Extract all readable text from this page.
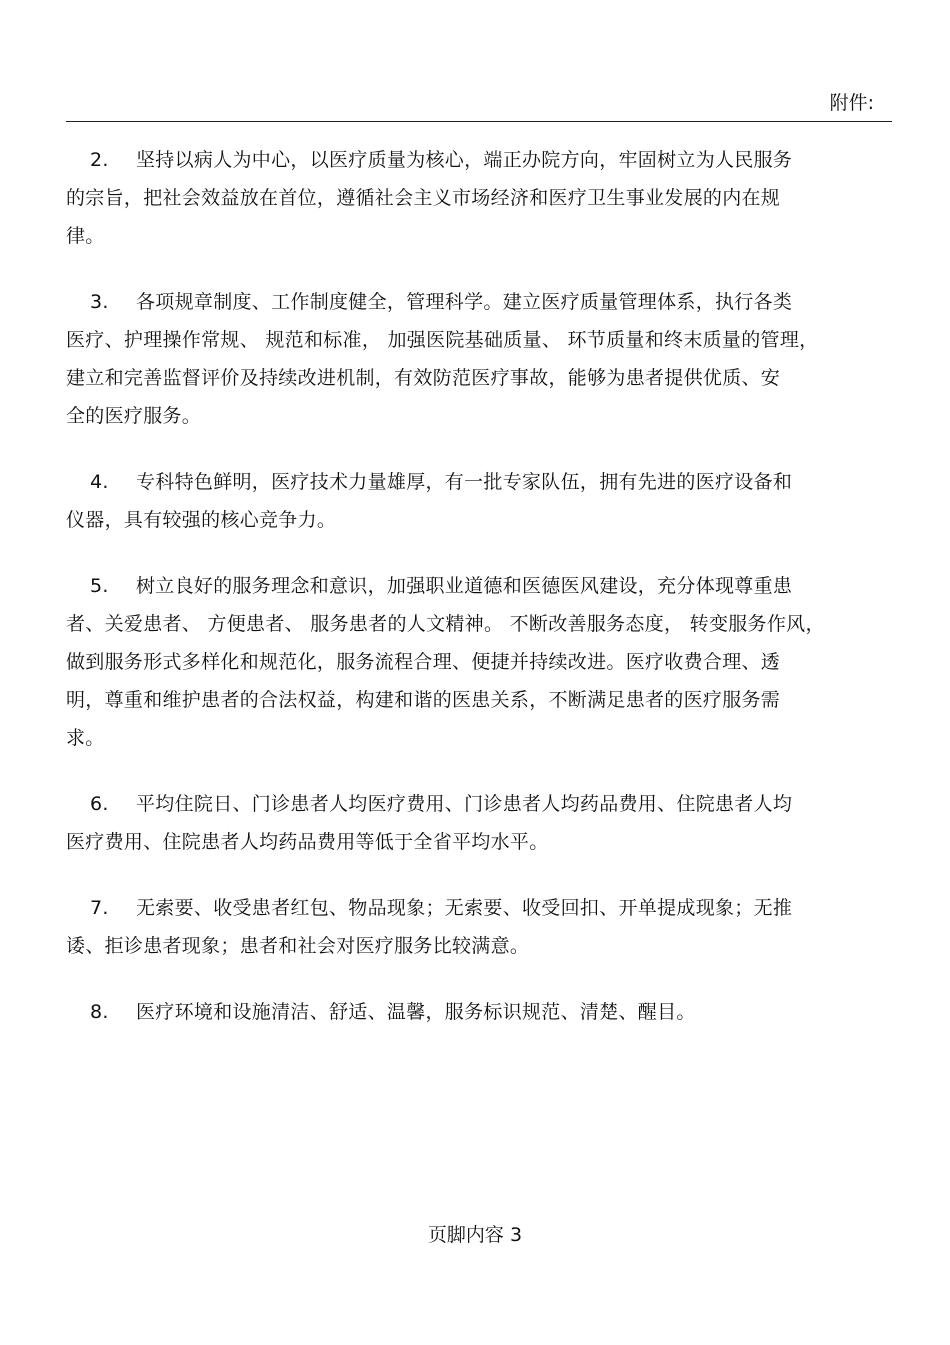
附件:
2. 坚持以病人为中心，以医疗质量为核心，端正办院方向，牢固树立为人民服务
的宗旨，把社会效益放在首位，遵循社会主义市场经济和医疗卫生事业发展的内在规
律。
3. 各项规章制度、工作制度健全，管理科学。建立医疗质量管理体系，执行各类
医疗、护理操作常规、 规范和标准， 加强医院基础质量、 环节质量和终末质量的管理，
建立和完善监督评价及持续改进机制，有效防范医疗事故，能够为患者提供优质、安
全的医疗服务。
4. 专科特色鲜明，医疗技术力量雄厚，有一批专家队伍，拥有先进的医疗设备和
仪器，具有较强的核心竞争力。
5. 树立良好的服务理念和意识，加强职业道德和医德医风建设，充分体现尊重患
者、关爱患者、 方便患者、 服务患者的人文精神。 不断改善服务态度， 转变服务作风，
做到服务形式多样化和规范化，服务流程合理、便捷并持续改进。医疗收费合理、透
明，尊重和维护患者的合法权益，构建和谐的医患关系，不断满足患者的医疗服务需
求。
6. 平均住院日、门诊患者人均医疗费用、门诊患者人均药品费用、住院患者人均
医疗费用、住院患者人均药品费用等低于全省平均水平。
7. 无索要、收受患者红包、物品现象；无索要、收受回扣、开单提成现象；无推
诿、拒诊患者现象；患者和社会对医疗服务比较满意。
8. 医疗环境和设施清洁、舒适、温馨，服务标识规范、清楚、醒目。
页脚内容 3
